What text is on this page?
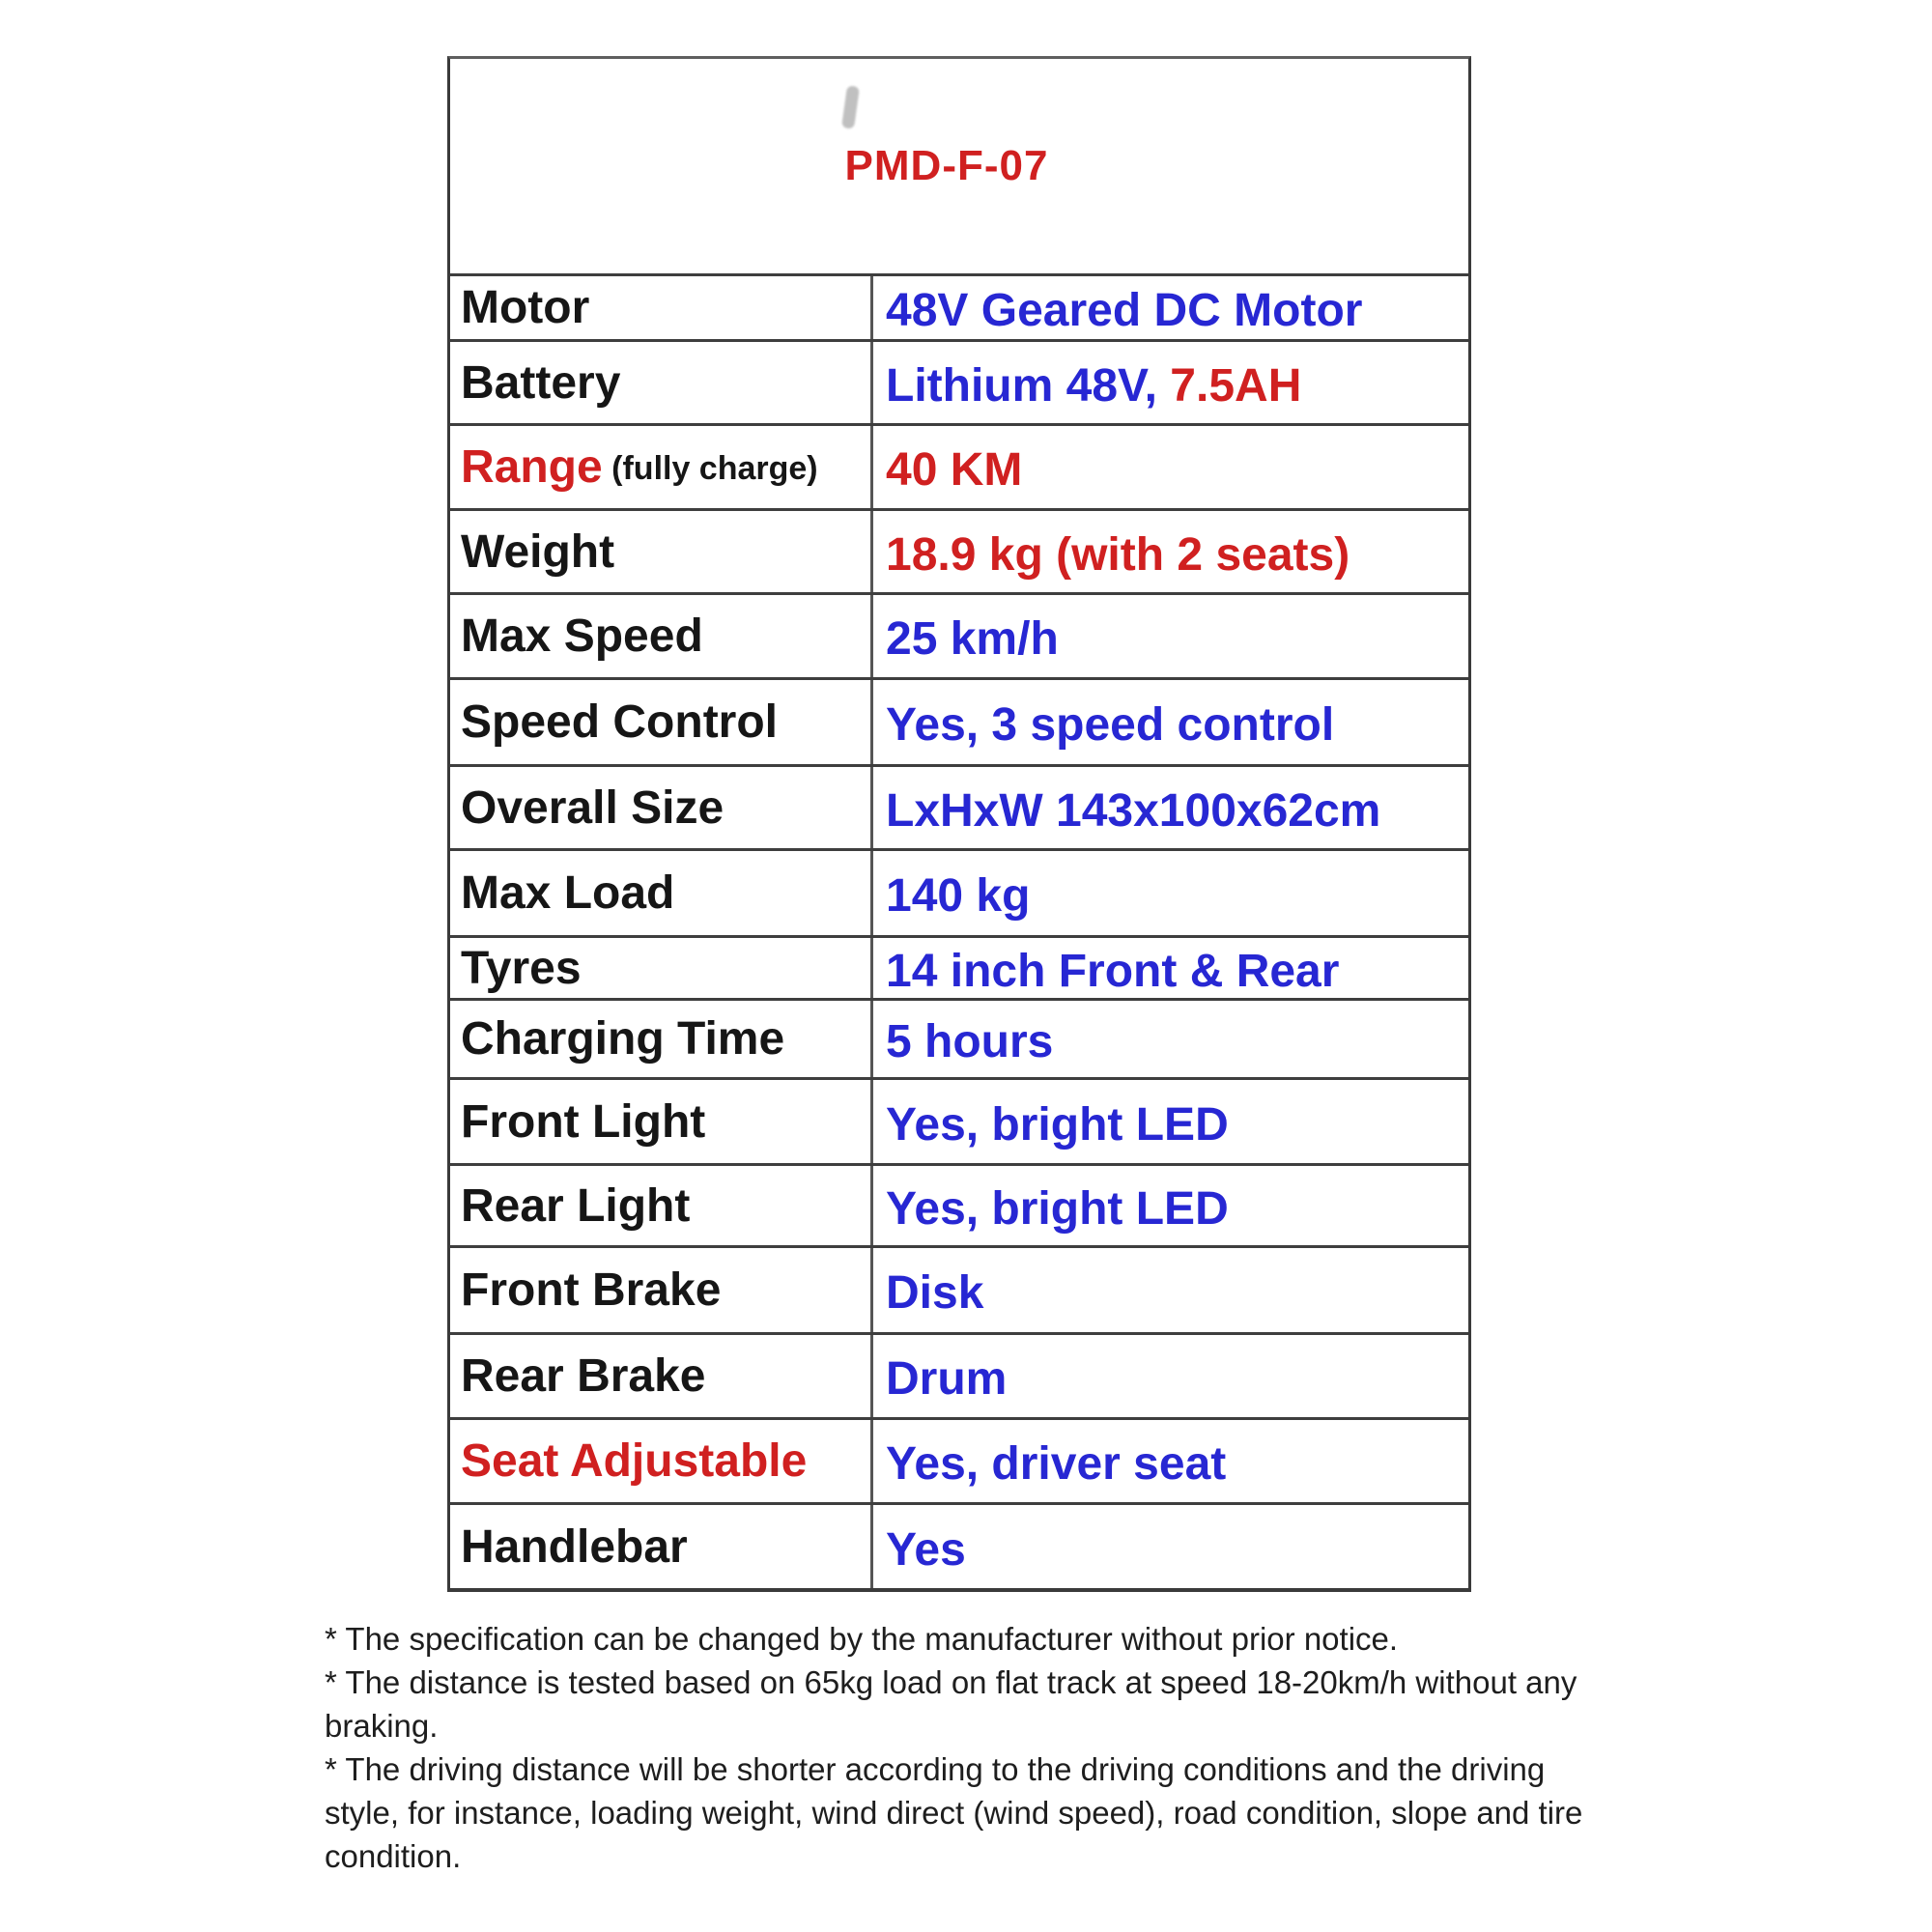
PMD-F-07
Motor	48V Geared DC Motor
Battery	Lithium 48V, 7.5AH
Range (fully charge) 40 KM
Weight	18.9 kg (with 2 seats)
Max Speed	25 km/h
Speed Control Yes, 3 speed control
Overall Size	LxHxW 143x100x62cm
Max Load	140 kg
Tyres	14 inch Front & Rear
Charging Time 5 hours
Front Light	Yes, bright LED
Rear Light	Yes, bright LED
Front Brake	Disk
Rear Brake	Drum
Seat Adjustable Yes, driver seat
Handlebar	Yes
* The specification can be changed by the manufacturer without prior notice.
* The distance is tested based on 65kg load on flat track at speed 18-20km/h without any
braking.
* The driving distance will be shorter according to the driving conditions and the driving
style, for instance, loading weight, wind direct (wind speed), road condition, slope and tire
condition.
